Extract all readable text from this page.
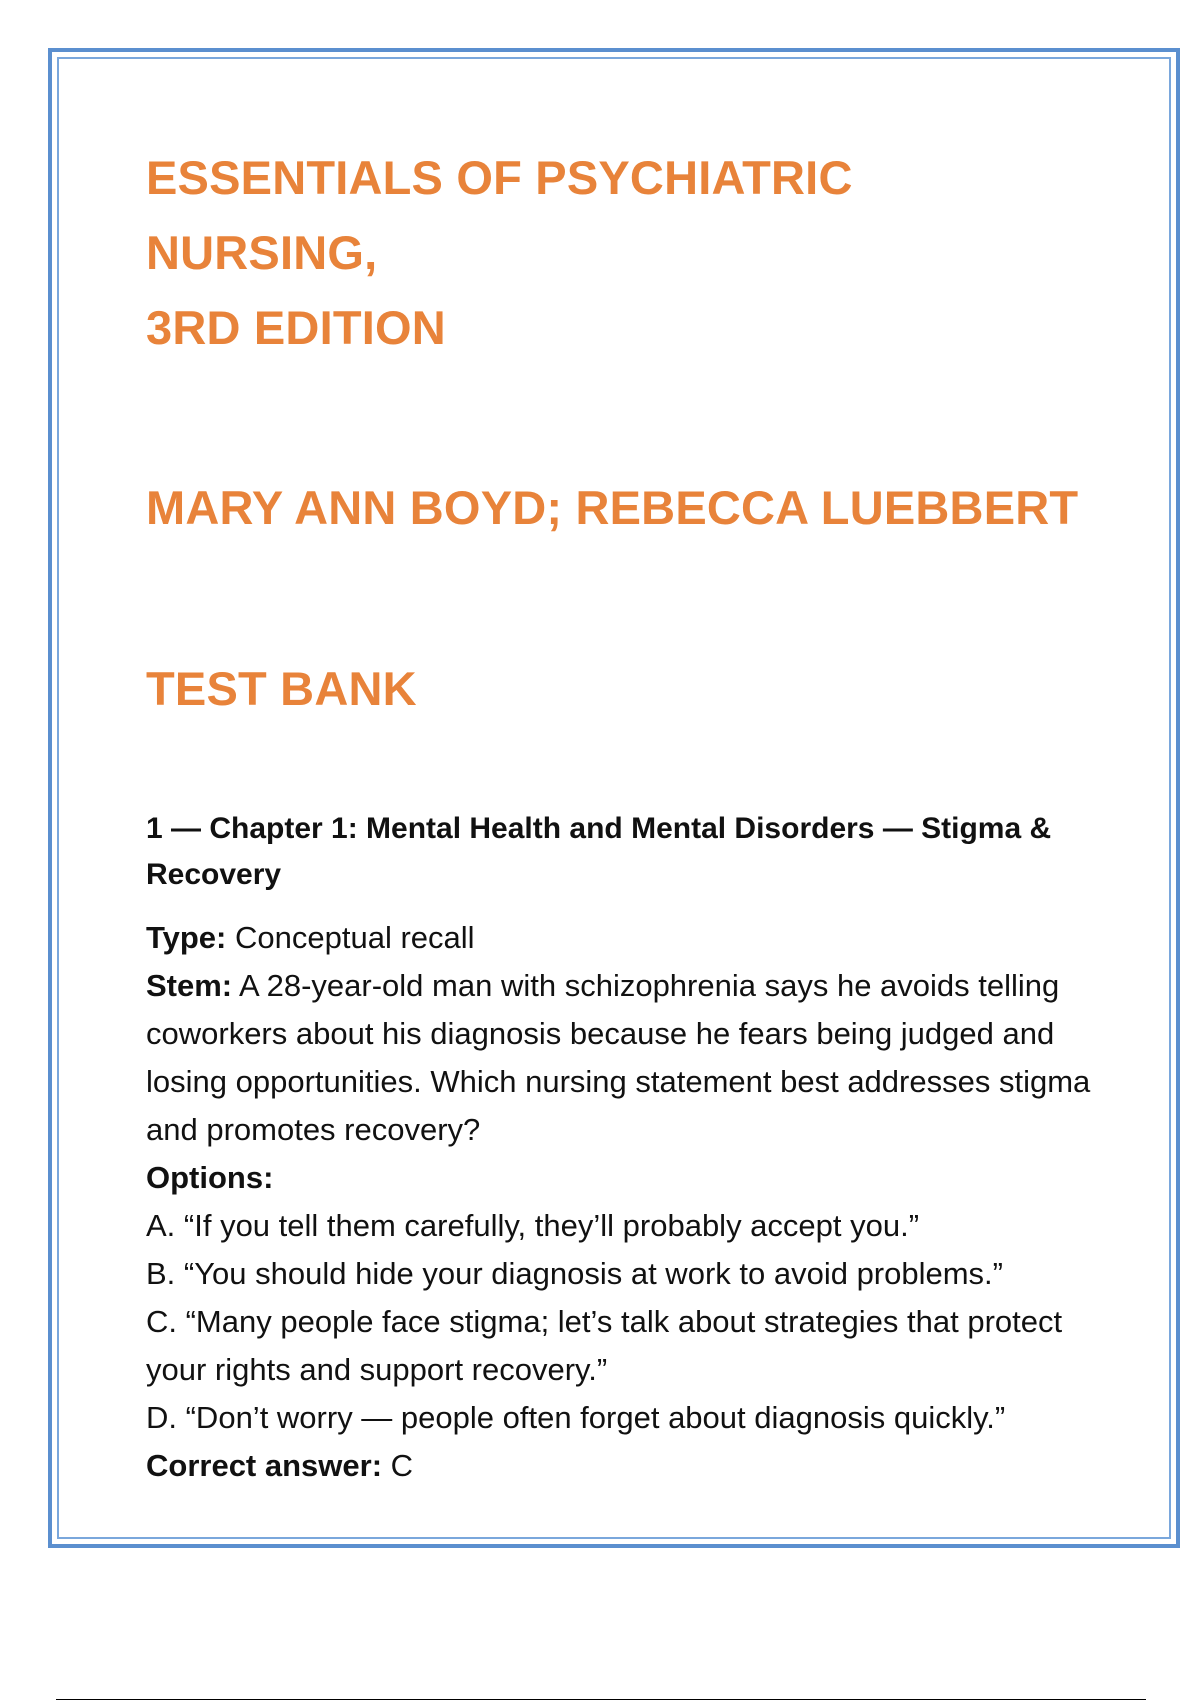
ESSENTIALS OF PSYCHIATRIC NURSING,
3RD EDITION

MARY ANN BOYD; REBECCA LUEBBERT

TEST BANK

1 — Chapter 1: Mental Health and Mental Disorders — Stigma & Recovery

Type: Conceptual recall

Stem: A 28-year-old man with schizophrenia says he avoids telling coworkers about his diagnosis because he fears being judged and losing opportunities. Which nursing statement best addresses stigma and promotes recovery?

Options:

A. “If you tell them carefully, they’ll probably accept you.”

B. “You should hide your diagnosis at work to avoid problems.”

C. “Many people face stigma; let’s talk about strategies that protect your rights and support recovery.”

D. “Don’t worry — people often forget about diagnosis quickly.”

Correct answer: C
